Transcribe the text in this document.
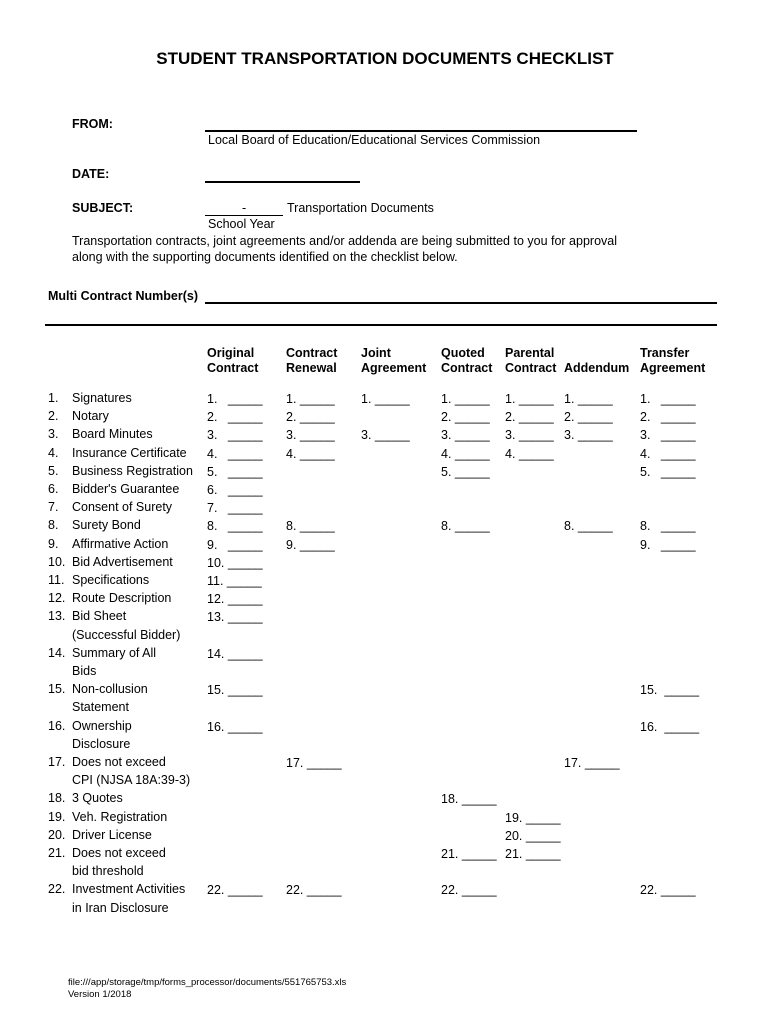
STUDENT TRANSPORTATION DOCUMENTS CHECKLIST
FROM:
Local Board of Education/Educational Services Commission
DATE:
SUBJECT:	-	Transportation Documents
School Year
Transportation contracts, joint agreements and/or addenda are being submitted to you for approval
along with the supporting documents identified on the checklist below.
Multi Contract Number(s)
Original
Contract
Contract
Renewal
Joint
Agreement
Quoted
Contract
Parental
Contract
Addendum
Transfer
Agreement
1. Signatures
2. Notary
3. Board Minutes
4. Insurance Certificate
5. Business Registration
6. Bidder's Guarantee
7. Consent of Surety
8. Surety Bond
9. Affirmative Action
10. Bid Advertisement
11. Specifications
12. Route Description
13. Bid Sheet
(Successful Bidder)
14. Summary of All
Bids
15. Non-collusion
Statement
16. Ownership
Disclosure
17. Does not exceed
CPI (NJSA 18A:39-3)
18. 3 Quotes
19. Veh. Registration
20. Driver License
21. Does not exceed
bid threshold
22. Investment Activities
in Iran Disclosure
1.   _____
2.   _____
3.   _____
4.   _____
5.   _____
6.   _____
7.   _____
8.   _____
9.   _____
10. _____
11. _____
12. _____
13. _____
14. _____
15. _____
16. _____
22. _____
1. _____
2. _____
3. _____
4. _____
8. _____
9. _____
17. _____
22. _____
1. _____
3. _____
1. _____
2. _____
3. _____
4. _____
5. _____
8. _____
18. _____
21. _____
22. _____
1. _____
2. _____
3. _____
4. _____
19. _____
20. _____
21. _____
1. _____
2. _____
3. _____
8. _____
17. _____
1.   _____
2.   _____
3.   _____
4.   _____
5.   _____
8.   _____
9.   _____
15.  _____
16.  _____
22. _____
file:///app/storage/tmp/forms_processor/documents/551765753.xls
Version 1/2018
